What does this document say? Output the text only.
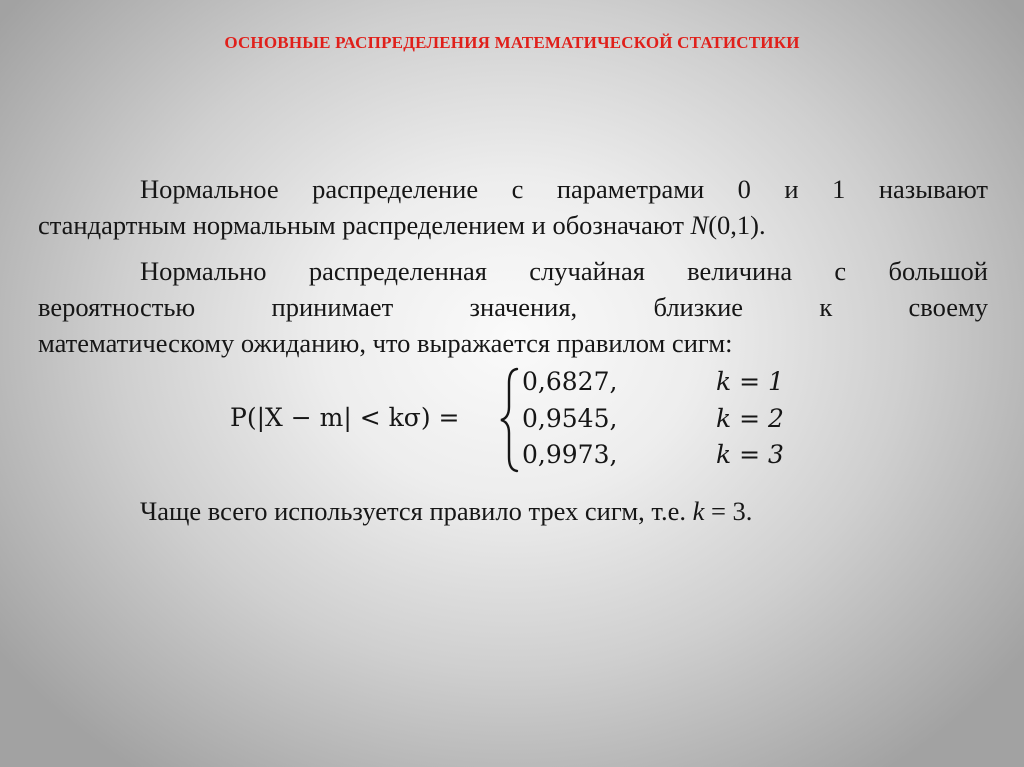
ОСНОВНЫЕ РАСПРЕДЕЛЕНИЯ МАТЕМАТИЧЕСКОЙ СТАТИСТИКИ
Нормальное распределение с параметрами 0 и 1 называют
стандартным нормальным распределением и обозначают N(0,1).
Нормально распределенная случайная величина с большой
вероятностью принимает значения, близкие к своему
математическому ожиданию, что выражается правилом сигм:
P(|X − m| < kσ) =
0,6827,	k = 1
0,9545,	k = 2
0,9973,	k = 3
Чаще всего используется правило трех сигм, т.е. k = 3.
